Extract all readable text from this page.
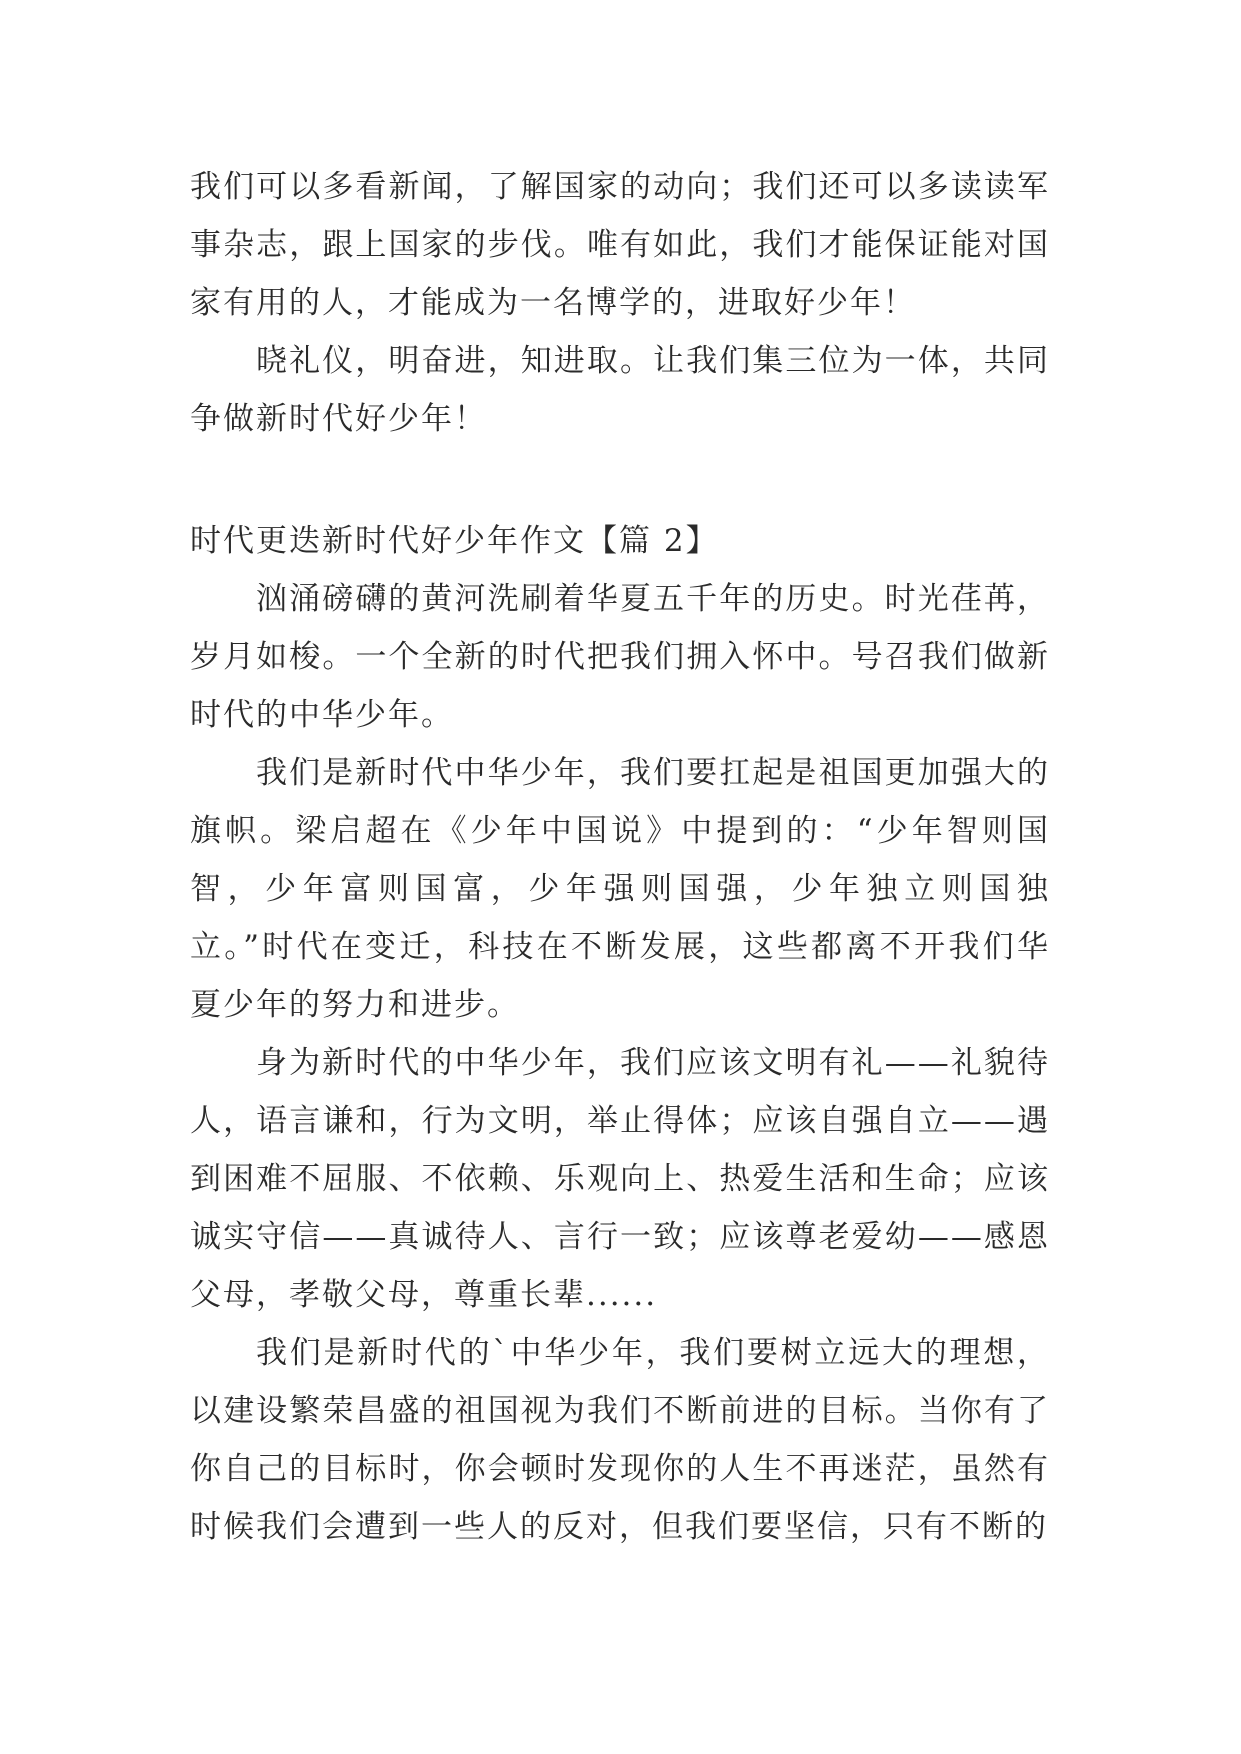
我们可以多看新闻，了解国家的动向；我们还可以多读读军事杂志，跟上国家的步伐。唯有如此，我们才能保证能对国家有用的人，才能成为一名博学的，进取好少年！

晓礼仪，明奋进，知进取。让我们集三位为一体，共同争做新时代好少年！

时代更迭新时代好少年作文【篇 2】

汹涌磅礴的黄河洗刷着华夏五千年的历史。时光荏苒，岁月如梭。一个全新的时代把我们拥入怀中。号召我们做新时代的中华少年。

我们是新时代中华少年，我们要扛起是祖国更加强大的旗帜。梁启超在《少年中国说》中提到的：“少年智则国智，少年富则国富，少年强则国强，少年独立则国独立。”时代在变迁，科技在不断发展，这些都离不开我们华夏少年的努力和进步。

身为新时代的中华少年，我们应该文明有礼——礼貌待人，语言谦和，行为文明，举止得体；应该自强自立——遇到困难不屈服、不依赖、乐观向上、热爱生活和生命；应该诚实守信——真诚待人、言行一致；应该尊老爱幼——感恩父母，孝敬父母，尊重长辈......

我们是新时代的`中华少年，我们要树立远大的理想，以建设繁荣昌盛的祖国视为我们不断前进的目标。当你有了你自己的目标时，你会顿时发现你的人生不再迷茫，虽然有时候我们会遭到一些人的反对，但我们要坚信，只有不断的
